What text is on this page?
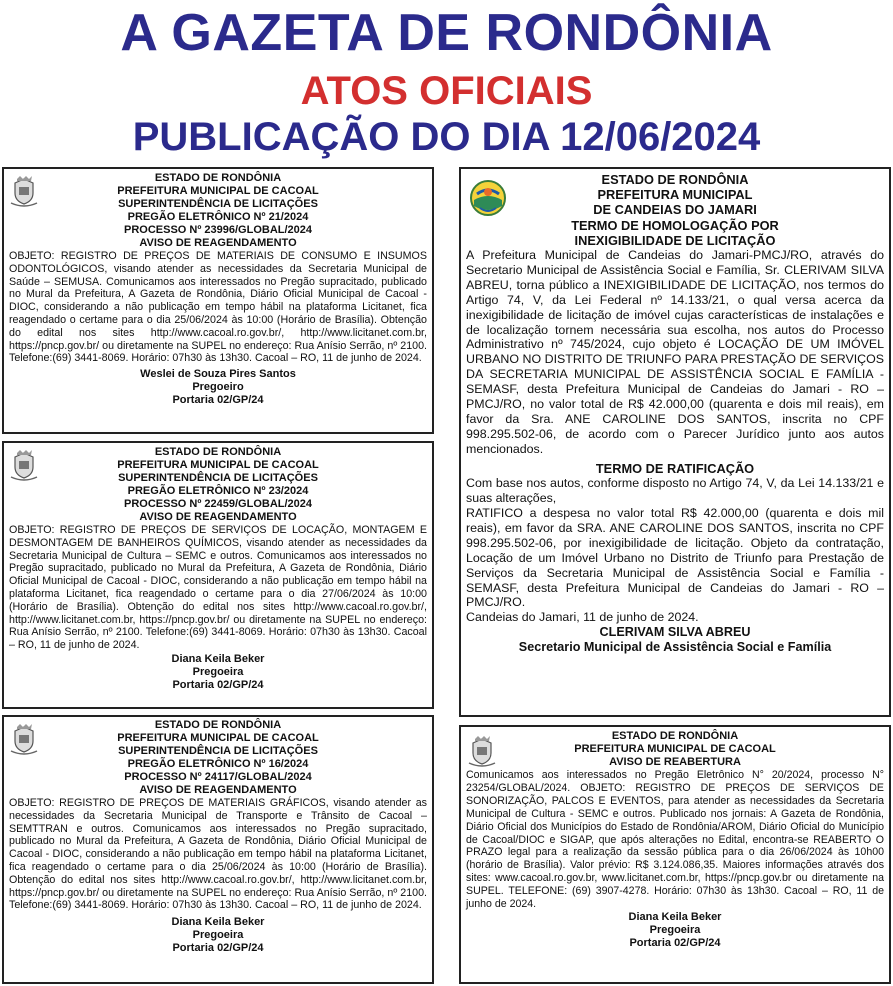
A GAZETA DE RONDÔNIA
ATOS OFICIAIS
PUBLICAÇÃO DO DIA 12/06/2024

ESTADO DE RONDÔNIA

PREFEITURA MUNICIPAL DE CACOAL

SUPERINTENDÊNCIA DE LICITAÇÕES

PREGÃO ELETRÔNICO Nº 21/2024

PROCESSO Nº 23996/GLOBAL/2024

AVISO DE REAGENDAMENTO

OBJETO: REGISTRO DE PREÇOS DE MATERIAIS DE CONSUMO E INSUMOS ODONTOLÓGICOS, visando atender as necessidades da Secretaria Municipal de Saúde – SEMUSA. Comunicamos aos interessados no Pregão supracitado, publicado no Mural da Prefeitura, A Gazeta de Rondônia, Diário Oficial Municipal de Cacoal - DIOC, considerando a não publicação em tempo hábil na plataforma Licitanet, fica reagendado o certame para o dia 25/06/2024 às 10:00 (Horário de Brasília). Obtenção do edital nos sites http://www.cacoal.ro.gov.br/, http://www.licitanet.com.br, https://pncp.gov.br/ ou diretamente na SUPEL no endereço: Rua Anísio Serrão, nº 2100. Telefone:(69) 3441-8069. Horário: 07h30 às 13h30. Cacoal – RO, 11 de junho de 2024.

Weslei de Souza Pires Santos

Pregoeiro

Portaria 02/GP/24

ESTADO DE RONDÔNIA

PREFEITURA MUNICIPAL DE CACOAL

SUPERINTENDÊNCIA DE LICITAÇÕES

PREGÃO ELETRÔNICO Nº 23/2024

PROCESSO Nº 22459/GLOBAL/2024

AVISO DE REAGENDAMENTO

OBJETO: REGISTRO DE PREÇOS DE SERVIÇOS DE LOCAÇÃO, MONTAGEM E DESMONTAGEM DE BANHEIROS QUÍMICOS, visando atender as necessidades da Secretaria Municipal de Cultura – SEMC e outros. Comunicamos aos interessados no Pregão supracitado, publicado no Mural da Prefeitura, A Gazeta de Rondônia, Diário Oficial Municipal de Cacoal - DIOC, considerando a não publicação em tempo hábil na plataforma Licitanet, fica reagendado o certame para o dia 27/06/2024 às 10:00 (Horário de Brasília). Obtenção do edital nos sites http://www.cacoal.ro.gov.br/, http://www.licitanet.com.br, https://pncp.gov.br/ ou diretamente na SUPEL no endereço: Rua Anísio Serrão, nº 2100. Telefone:(69) 3441-8069. Horário: 07h30 às 13h30. Cacoal – RO, 11 de junho de 2024.

Diana Keila Beker

Pregoeira

Portaria 02/GP/24

ESTADO DE RONDÔNIA

PREFEITURA MUNICIPAL DE CACOAL

SUPERINTENDÊNCIA DE LICITAÇÕES

PREGÃO ELETRÔNICO Nº 16/2024

PROCESSO Nº 24117/GLOBAL/2024

AVISO DE REAGENDAMENTO

OBJETO: REGISTRO DE PREÇOS DE MATERIAIS GRÁFICOS, visando atender as necessidades da Secretaria Municipal de Transporte e Trânsito de Cacoal – SEMTTRAN e outros. Comunicamos aos interessados no Pregão supracitado, publicado no Mural da Prefeitura, A Gazeta de Rondônia, Diário Oficial Municipal de Cacoal - DIOC, considerando a não publicação em tempo hábil na plataforma Licitanet, fica reagendado o certame para o dia 25/06/2024 às 10:00 (Horário de Brasília). Obtenção do edital nos sites http://www.cacoal.ro.gov.br/, http://www.licitanet.com.br, https://pncp.gov.br/ ou diretamente na SUPEL no endereço: Rua Anísio Serrão, nº 2100. Telefone:(69) 3441-8069. Horário: 07h30 às 13h30. Cacoal – RO, 11 de junho de 2024.

Diana Keila Beker

Pregoeira

Portaria 02/GP/24

ESTADO DE RONDÔNIA

PREFEITURA MUNICIPAL

DE CANDEIAS DO JAMARI

TERMO DE HOMOLOGAÇÃO POR

INEXIGIBILIDADE DE LICITAÇÃO

A Prefeitura Municipal de Candeias do Jamari-PMCJ/RO, através do Secretario Municipal de Assistência Social e Família, Sr. CLERIVAM SILVA ABREU, torna público a INEXIGIBILIDADE DE LICITAÇÃO, nos termos do Artigo 74, V, da Lei Federal nº 14.133/21, o qual versa acerca da inexigibilidade de licitação de imóvel cujas características de instalações e de localização tornem necessária sua escolha, nos autos do Processo Administrativo nº 745/2024, cujo objeto é LOCAÇÃO DE UM IMÓVEL URBANO NO DISTRITO DE TRIUNFO PARA PRESTAÇÃO DE SERVIÇOS DA SECRETARIA MUNICIPAL DE ASSISTÊNCIA SOCIAL E FAMÍLIA - SEMASF, desta Prefeitura Municipal de Candeias do Jamari - RO – PMCJ/RO, no valor total de R$ 42.000,00 (quarenta e dois mil reais), em favor da Sra. ANE CAROLINE DOS SANTOS, inscrita no CPF 998.295.502-06, de acordo com o Parecer Jurídico junto aos autos mencionados.

TERMO DE RATIFICAÇÃO

Com base nos autos, conforme disposto no Artigo 74, V, da Lei 14.133/21 e suas alterações,

RATIFICO a despesa no valor total R$ 42.000,00 (quarenta e dois mil reais), em favor da SRA. ANE CAROLINE DOS SANTOS, inscrita no CPF 998.295.502-06, por inexigibilidade de licitação. Objeto da contratação, Locação de um Imóvel Urbano no Distrito de Triunfo para Prestação de Serviços da Secretaria Municipal de Assistência Social e Família - SEMASF, desta Prefeitura Municipal de Candeias do Jamari - RO – PMCJ/RO.

Candeias do Jamari, 11 de junho de 2024.

CLERIVAM SILVA ABREU

Secretario Municipal de Assistência Social e Família

ESTADO DE RONDÔNIA

PREFEITURA MUNICIPAL DE CACOAL

AVISO DE REABERTURA

Comunicamos aos interessados no Pregão Eletrônico N° 20/2024, processo N° 23254/GLOBAL/2024. OBJETO: REGISTRO DE PREÇOS DE SERVIÇOS DE SONORIZAÇÃO, PALCOS E EVENTOS, para atender as necessidades da Secretaria Municipal de Cultura - SEMC e outros. Publicado nos jornais: A Gazeta de Rondônia, Diário Oficial dos Municípios do Estado de Rondônia/AROM, Diário Oficial do Município de Cacoal/DIOC e SIGAP, que após alterações no Edital, encontra-se REABERTO O PRAZO legal para a realização da sessão pública para o dia 26/06/2024 às 10h00 (horário de Brasília). Valor prévio: R$ 3.124.086,35. Maiores informações através dos sites: www.cacoal.ro.gov.br, www.licitanet.com.br, https://pncp.gov.br ou diretamente na SUPEL. TELEFONE: (69) 3907-4278. Horário: 07h30 às 13h30. Cacoal – RO, 11 de junho de 2024.

Diana Keila Beker

Pregoeira

Portaria 02/GP/24
